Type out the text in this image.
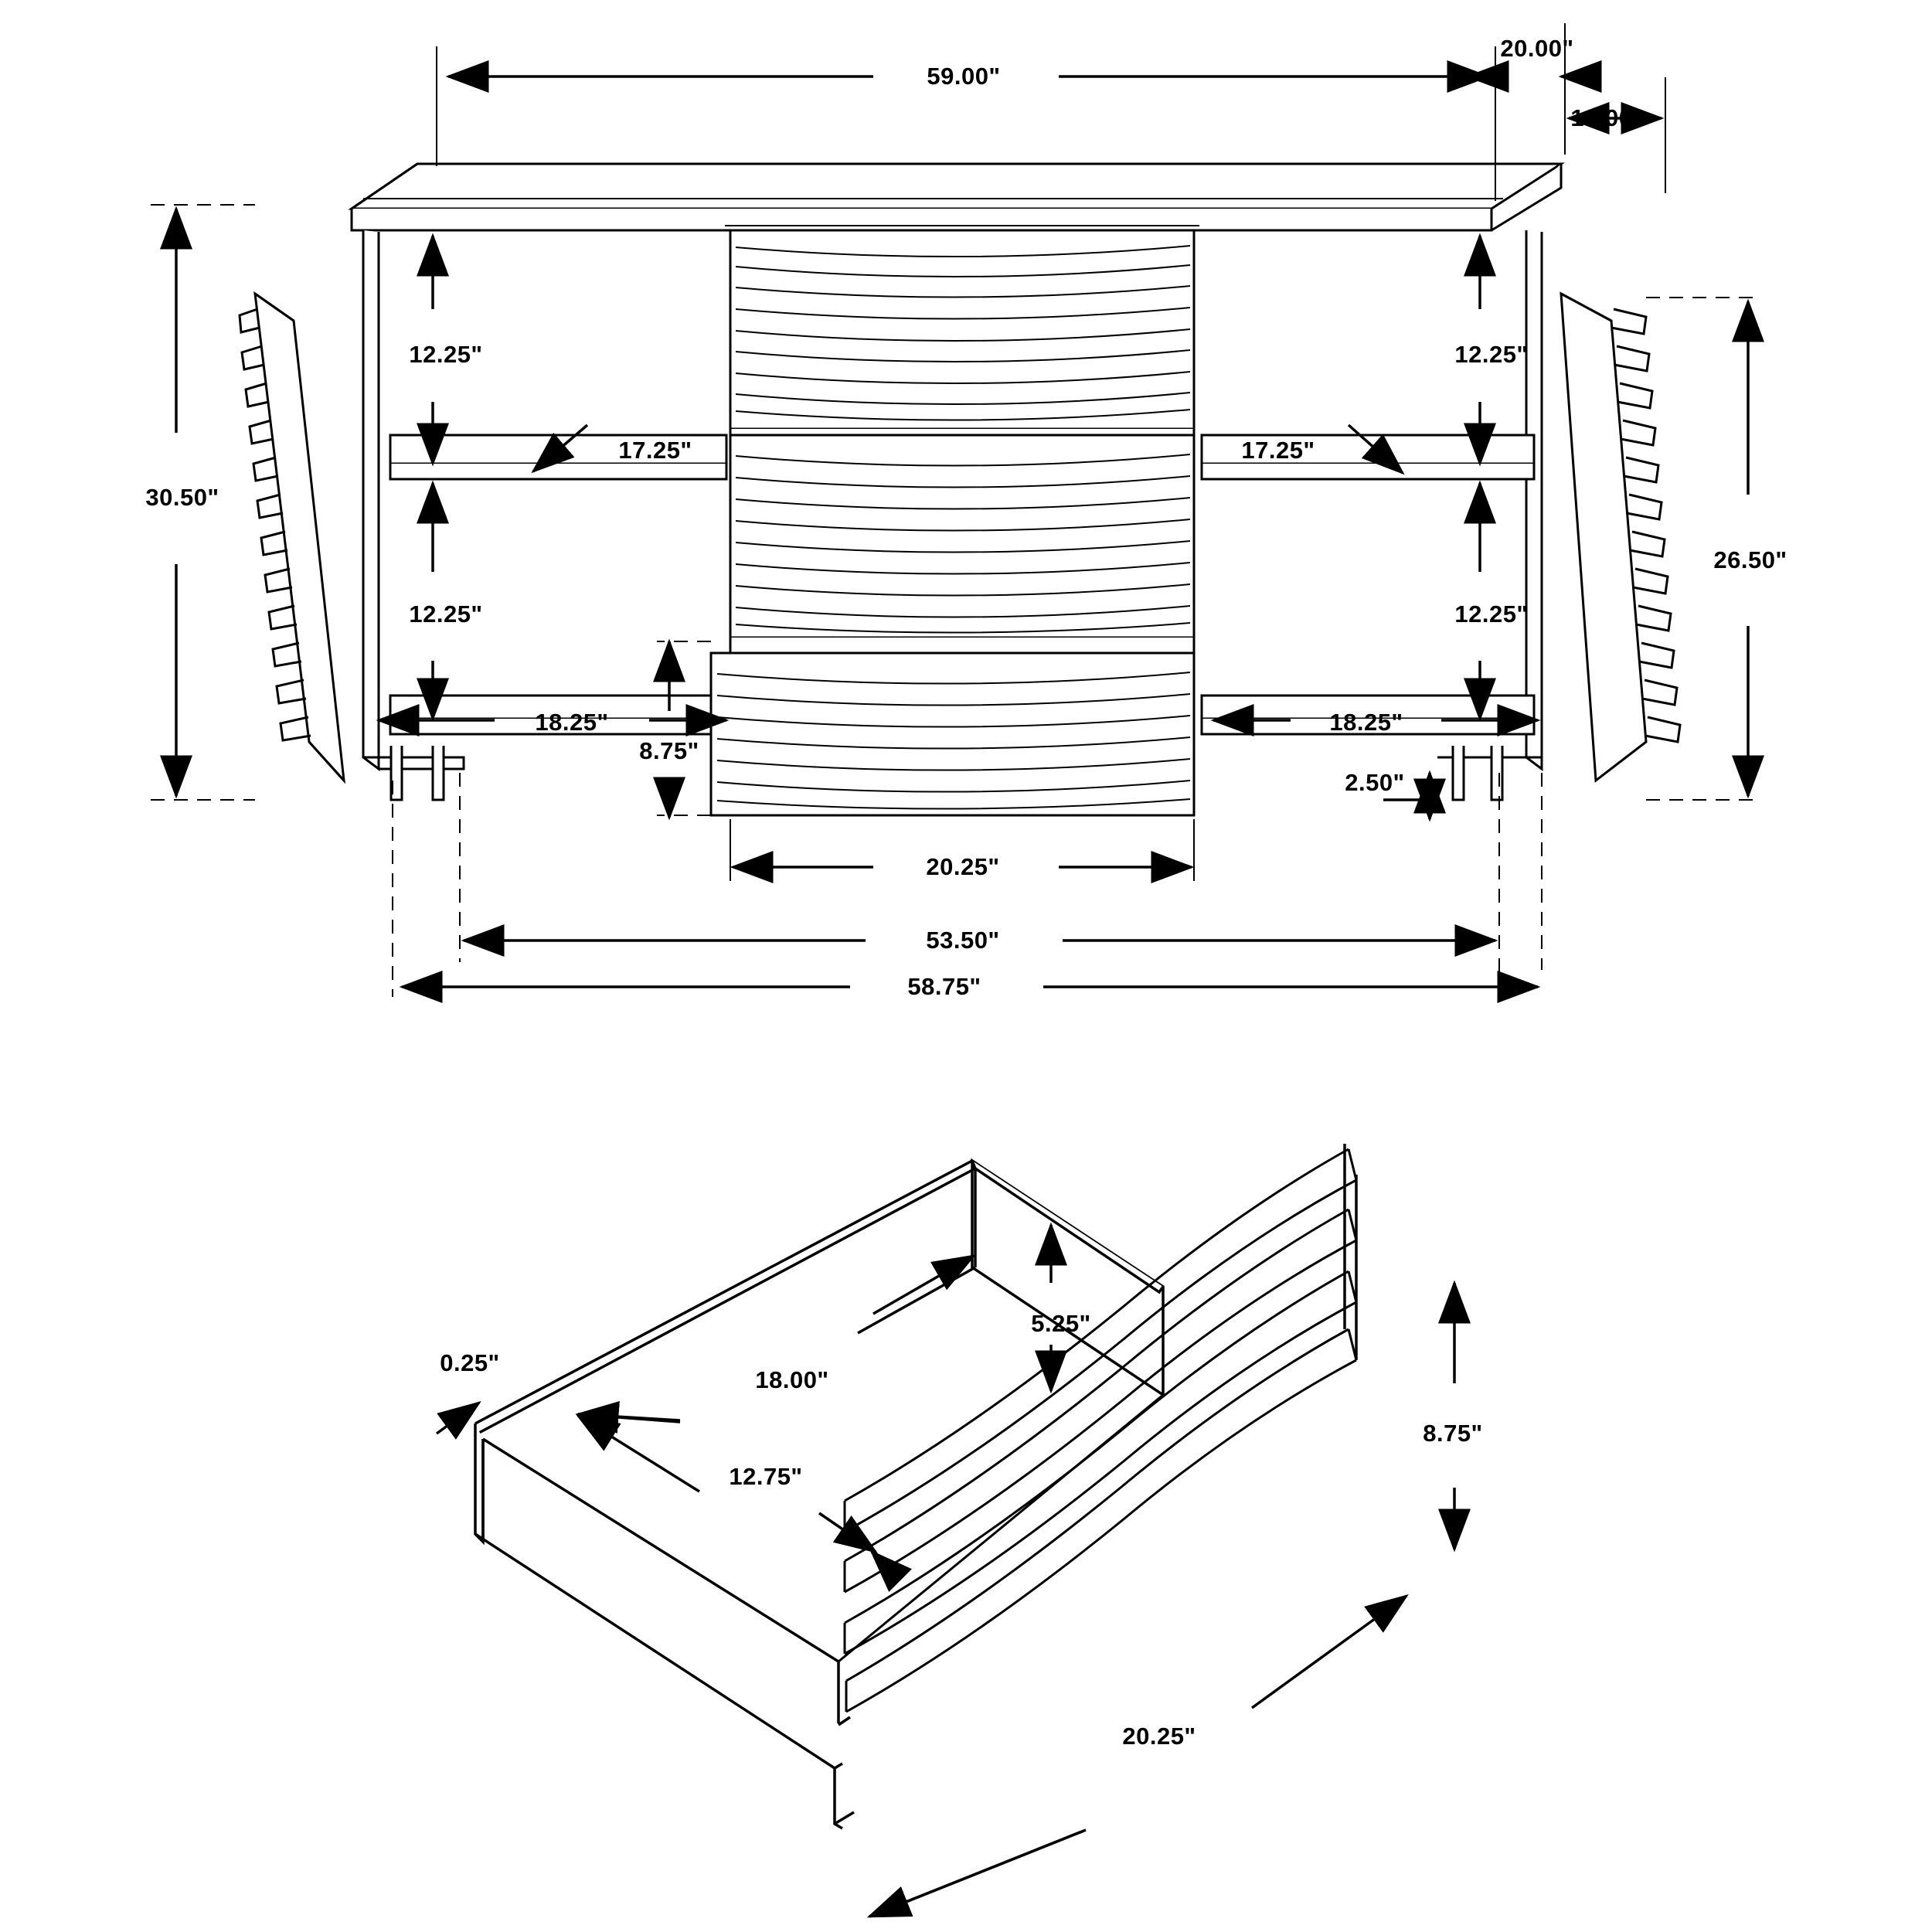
59.00"
20.00"
19.00"
30.50"
12.25"	12.25"
17.25"	17.25"
12.25"	12.25"
18.25"	18.25"
8.75"
2.50"
20.25"
53.50"
58.75"
26.50"
5.25"
0.25"
18.00"
12.75"
8.75"
20.25"
